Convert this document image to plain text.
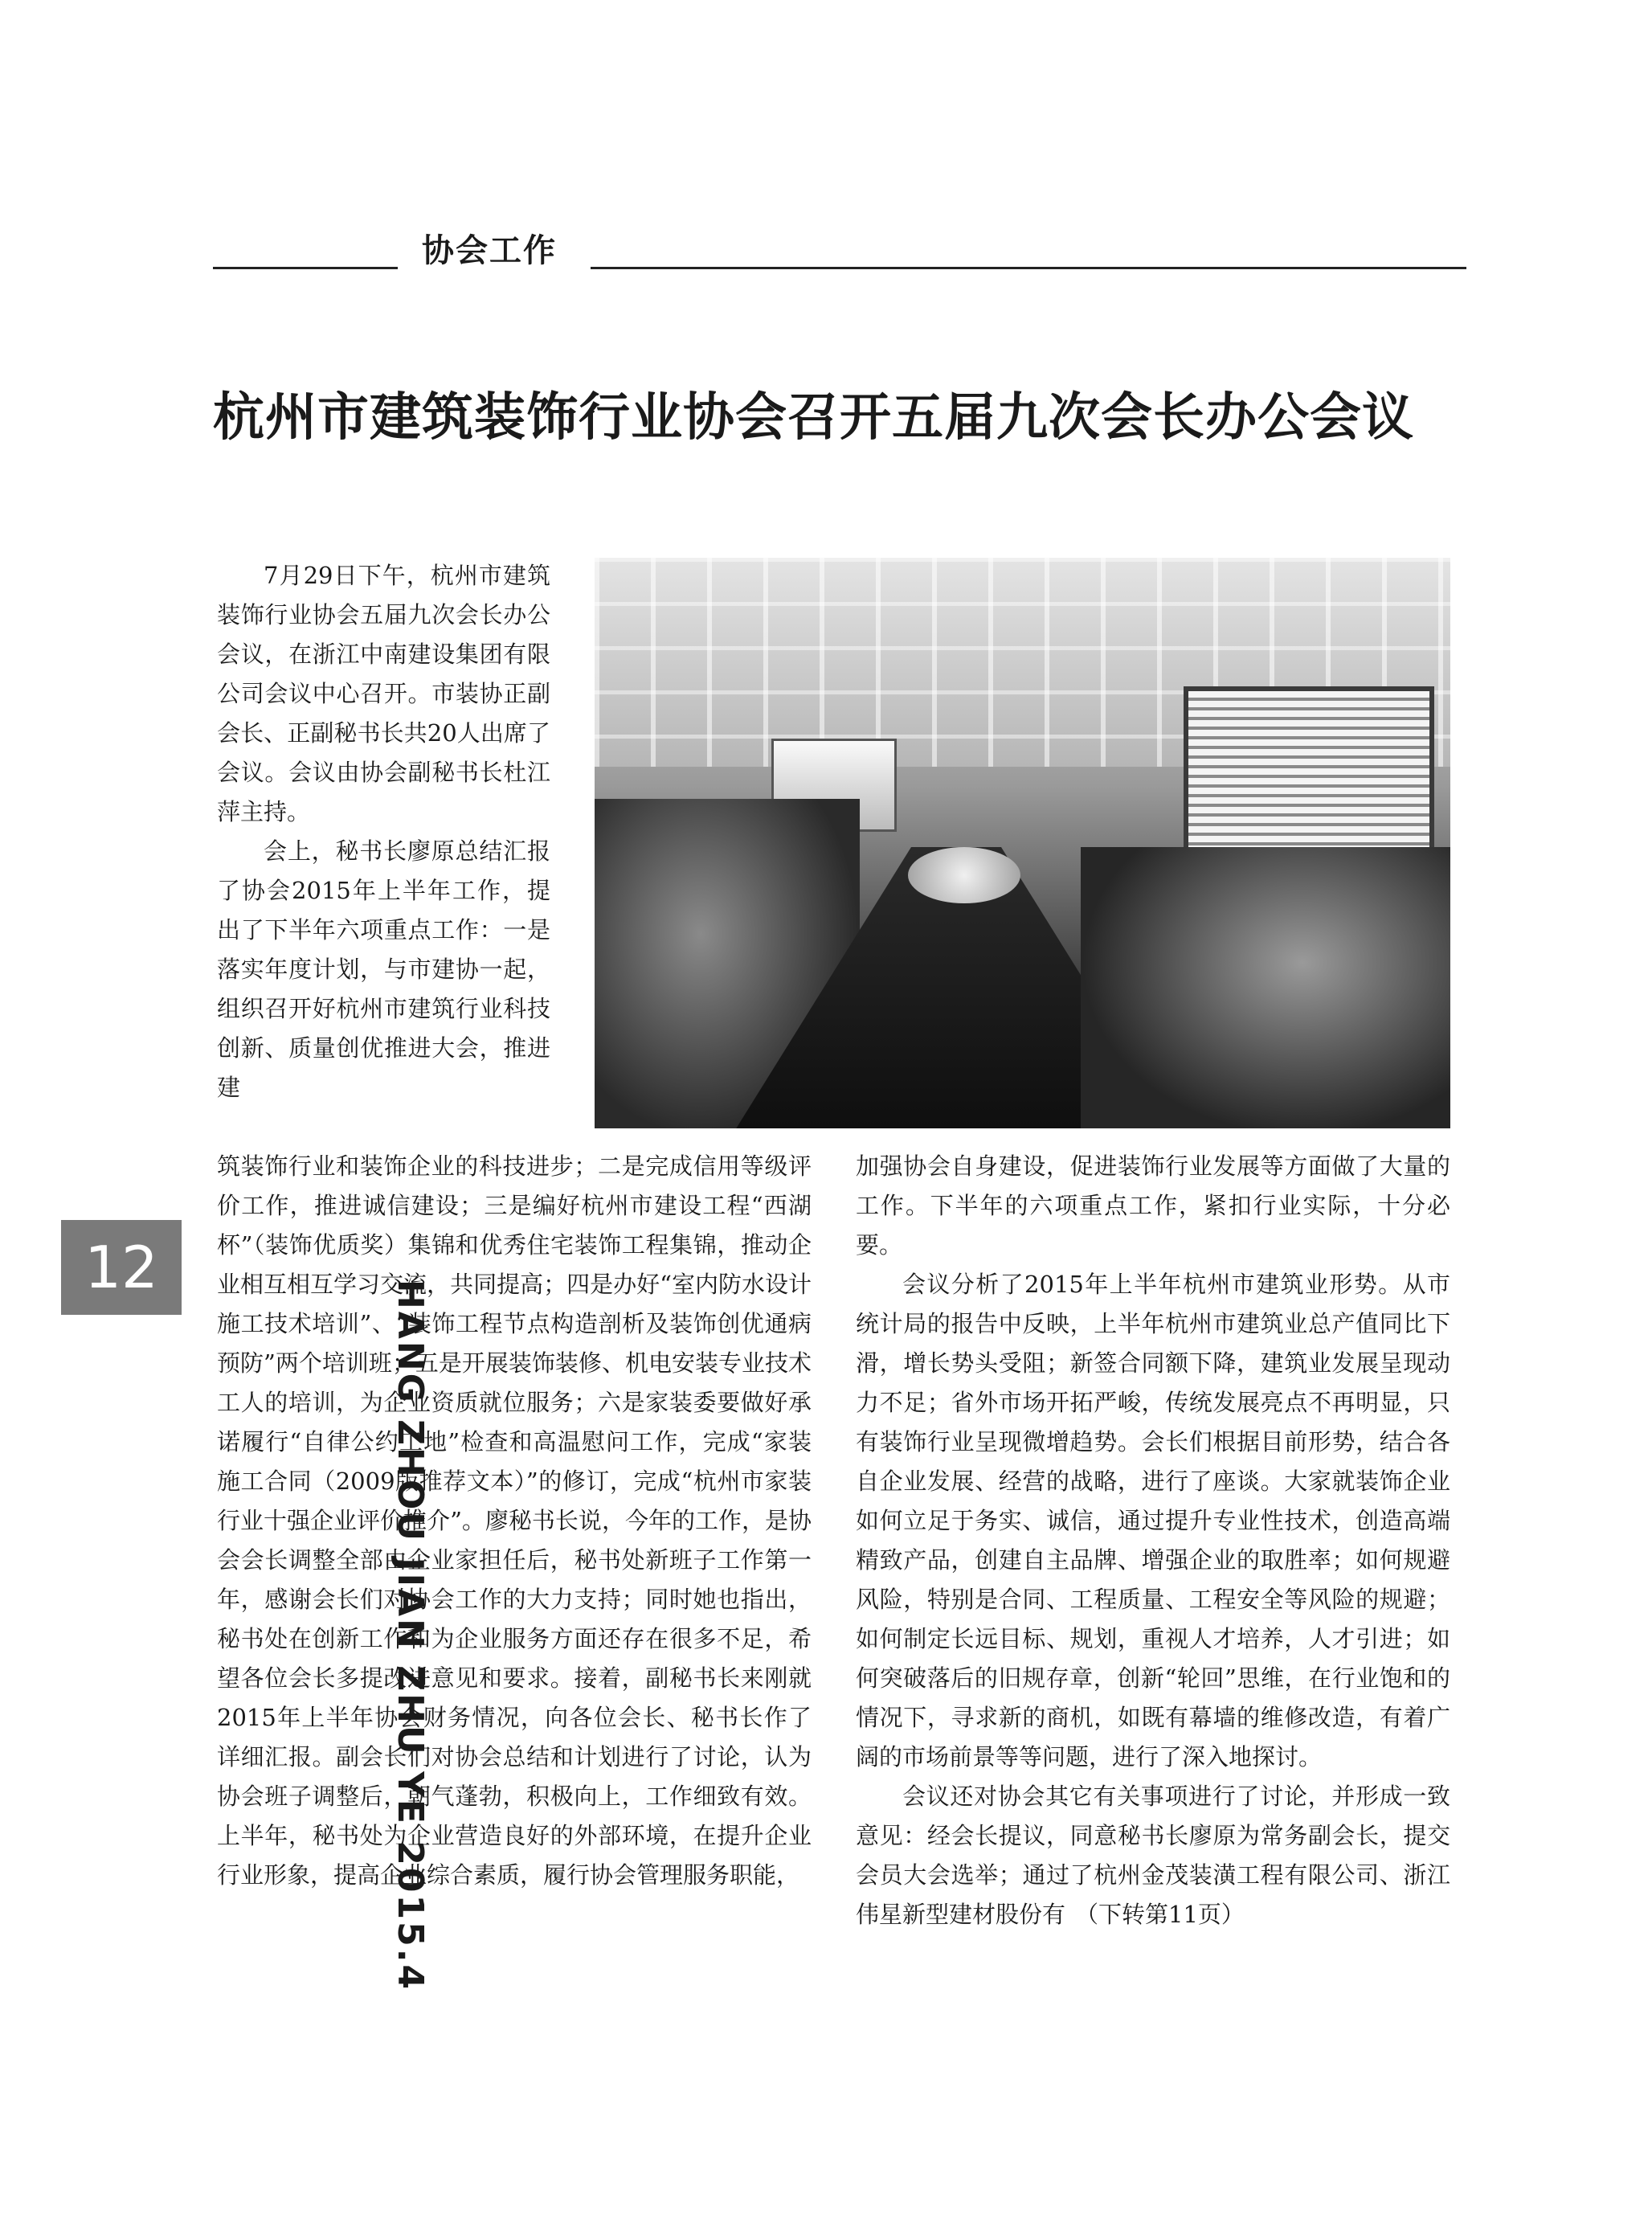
协会工作
杭州市建筑装饰行业协会召开五届九次会长办公会议

7月29日下午，杭州市建筑装饰行业协会五届九次会长办公会议，在浙江中南建设集团有限公司会议中心召开。市装协正副会长、正副秘书长共20人出席了会议。会议由协会副秘书长杜江萍主持。

会上，秘书长廖原总结汇报了协会2015年上半年工作，提出了下半年六项重点工作：一是落实年度计划，与市建协一起，组织召开好杭州市建筑行业科技创新、质量创优推进大会，推进建

12
HANG ZHOU JIAN ZHU YE 2015.4

筑装饰行业和装饰企业的科技进步；二是完成信用等级评价工作，推进诚信建设；三是编好杭州市建设工程“西湖杯”（装饰优质奖）集锦和优秀住宅装饰工程集锦，推动企业相互相互学习交流，共同提高；四是办好“室内防水设计施工技术培训”、“装饰工程节点构造剖析及装饰创优通病预防”两个培训班；五是开展装饰装修、机电安装专业技术工人的培训，为企业资质就位服务；六是家装委要做好承诺履行“自律公约工地”检查和高温慰问工作，完成“家装施工合同（2009版推荐文本）”的修订，完成“杭州市家装行业十强企业评价推介”。廖秘书长说，今年的工作，是协会会长调整全部由企业家担任后，秘书处新班子工作第一年，感谢会长们对协会工作的大力支持；同时她也指出，秘书处在创新工作和为企业服务方面还存在很多不足，希望各位会长多提改进意见和要求。接着，副秘书长来刚就2015年上半年协会财务情况，向各位会长、秘书长作了详细汇报。副会长们对协会总结和计划进行了讨论，认为协会班子调整后，朝气蓬勃，积极向上，工作细致有效。上半年，秘书处为企业营造良好的外部环境，在提升企业行业形象，提高企业综合素质，履行协会管理服务职能，

加强协会自身建设，促进装饰行业发展等方面做了大量的工作。下半年的六项重点工作，紧扣行业实际，十分必要。

会议分析了2015年上半年杭州市建筑业形势。从市统计局的报告中反映，上半年杭州市建筑业总产值同比下滑，增长势头受阻；新签合同额下降，建筑业发展呈现动力不足；省外市场开拓严峻，传统发展亮点不再明显，只有装饰行业呈现微增趋势。会长们根据目前形势，结合各自企业发展、经营的战略，进行了座谈。大家就装饰企业如何立足于务实、诚信，通过提升专业性技术，创造高端精致产品，创建自主品牌、增强企业的取胜率；如何规避风险，特别是合同、工程质量、工程安全等风险的规避；如何制定长远目标、规划，重视人才培养，人才引进；如何突破落后的旧规存章，创新“轮回”思维，在行业饱和的情况下，寻求新的商机，如既有幕墙的维修改造，有着广阔的市场前景等等问题，进行了深入地探讨。

会议还对协会其它有关事项进行了讨论，并形成一致意见：经会长提议，同意秘书长廖原为常务副会长，提交会员大会选举；通过了杭州金茂装潢工程有限公司、浙江伟星新型建材股份有 （下转第11页）
